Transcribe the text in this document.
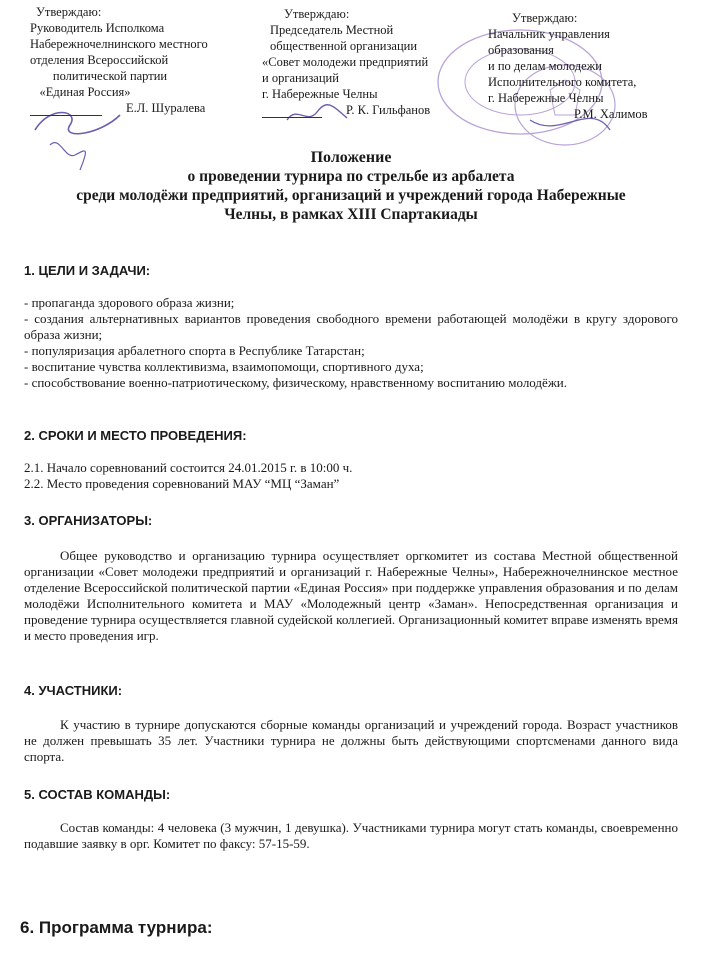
Утверждаю:
Руководитель Исполкома
Набережночелнинского местного
отделения Всероссийской
политической партии
«Единая Россия»
Е.Л. Шуралева
Утверждаю:
Председатель Местной
общественной организации
«Совет молодежи предприятий
и организаций
г. Набережные Челны
Р. К. Гильфанов
Утверждаю:
Начальник управления
образования
и по делам молодежи
Исполнительного комитета,
г. Набережные Челны
Р.М. Халимов
Положение
о проведении турнира по стрельбе из арбалета
среди молодёжи предприятий, организаций и учреждений города Набережные
Челны, в рамках XIII Спартакиады
1. ЦЕЛИ И ЗАДАЧИ:
- пропаганда здорового образа жизни;
- создания альтернативных вариантов проведения свободного времени работающей молодёжи в кругу здорового образа жизни;
- популяризация арбалетного спорта в Республике Татарстан;
- воспитание чувства коллективизма, взаимопомощи, спортивного духа;
- способствование военно-патриотическому, физическому, нравственному воспитанию молодёжи.
2. СРОКИ И МЕСТО ПРОВЕДЕНИЯ:
2.1. Начало соревнований состоится 24.01.2015 г. в 10:00 ч.
2.2. Место проведения соревнований МАУ “МЦ “Заман”
3. ОРГАНИЗАТОРЫ:
Общее руководство и организацию турнира осуществляет оргкомитет из состава Местной общественной организации «Совет молодежи предприятий и организаций г. Набережные Челны», Набережночелнинское местное отделение Всероссийской политической партии «Единая Россия» при поддержке управления образования и по делам молодёжи Исполнительного комитета и МАУ «Молодежный центр «Заман». Непосредственная организация и проведение турнира осуществляется главной судейской коллегией. Организационный комитет вправе изменять время и место проведения игр.
4. УЧАСТНИКИ:
К участию в турнире допускаются сборные команды организаций и учреждений города. Возраст участников не должен превышать 35 лет. Участники турнира не должны быть действующими спортсменами данного вида спорта.
5. СОСТАВ КОМАНДЫ:
Состав команды: 4 человека (3 мужчин, 1 девушка). Участниками турнира могут стать команды, своевременно подавшие заявку в орг. Комитет по факсу: 57-15-59.
6. Программа турнира:
